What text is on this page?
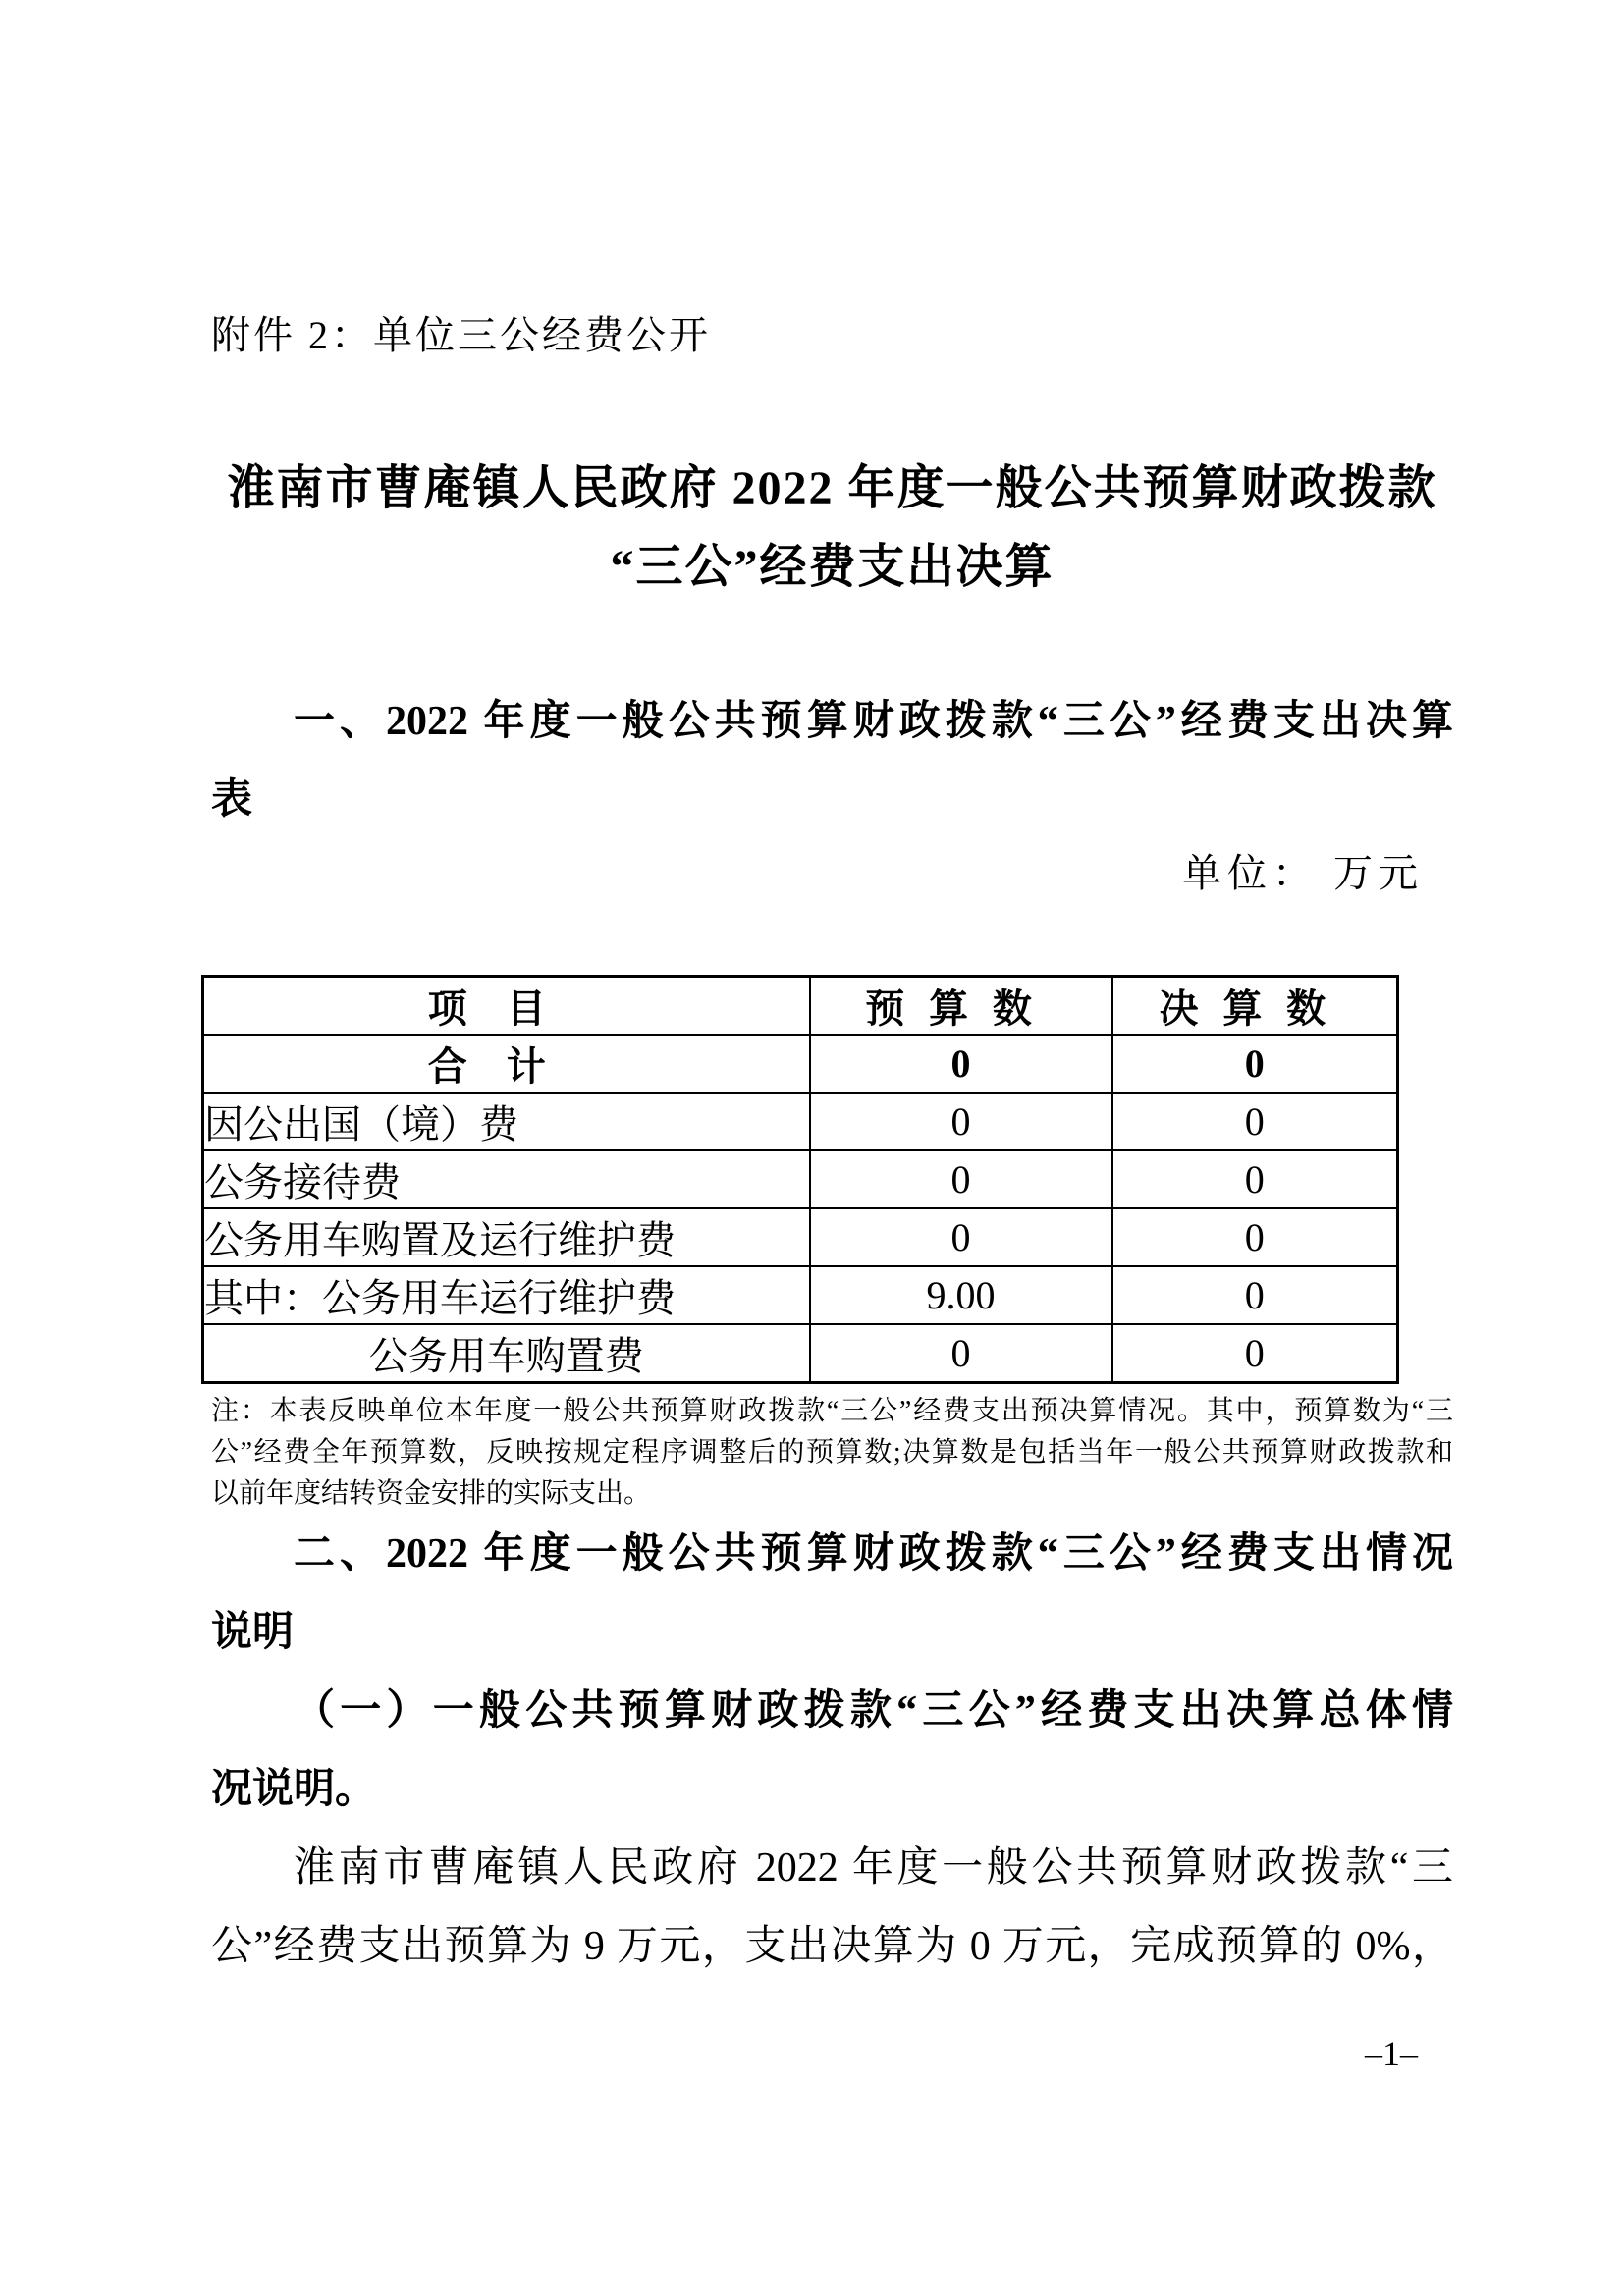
附件 2：单位三公经费公开
淮南市曹庵镇人民政府 2022 年度一般公共预算财政拨款
“三公”经费支出决算
一、2022 年度一般公共预算财政拨款“三公”经费支出决算
表
单位： 万元
项目	预算数	决算数
合计	0	0
因公出国（境）费	0	0
公务接待费	0	0
公务用车购置及运行维护费	0	0
其中：公务用车运行维护费	9.00	0
公务用车购置费	0	0
注：本表反映单位本年度一般公共预算财政拨款“三公”经费支出预决算情况。其中，预算数为“三
公”经费全年预算数，反映按规定程序调整后的预算数;决算数是包括当年一般公共预算财政拨款和
以前年度结转资金安排的实际支出。
二、2022 年度一般公共预算财政拨款“三公”经费支出情况
说明
（一）一般公共预算财政拨款“三公”经费支出决算总体情
况说明。
淮南市曹庵镇人民政府 2022 年度一般公共预算财政拨款“三
公”经费支出预算为 9 万元，支出决算为 0 万元，完成预算的 0%，
–1–
